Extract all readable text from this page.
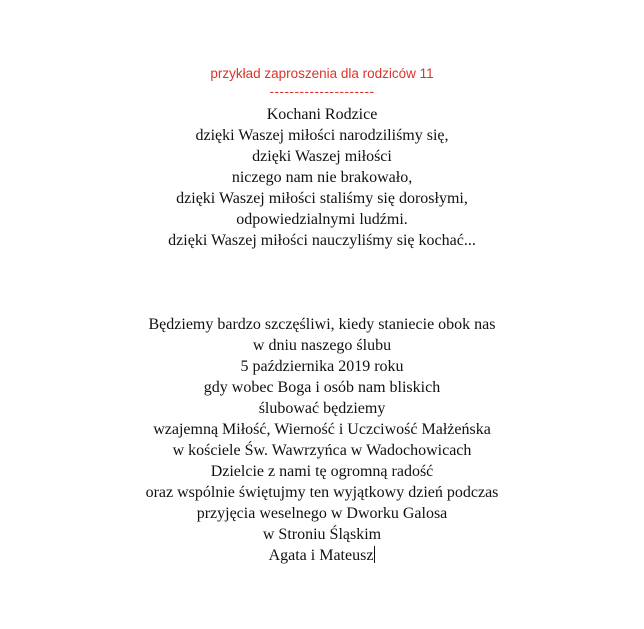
przykład zaproszenia dla rodziców 11
---------------------
Kochani Rodzice
dzięki Waszej miłości narodziliśmy się,
dzięki Waszej miłości
niczego nam nie brakowało,
dzięki Waszej miłości staliśmy się dorosłymi,
odpowiedzialnymi ludźmi.
dzięki Waszej miłości nauczyliśmy się kochać...
Będziemy bardzo szczęśliwi, kiedy staniecie obok nas
w dniu naszego ślubu
5 października 2019 roku
gdy wobec Boga i osób nam bliskich
ślubować będziemy
wzajemną Miłość, Wierność i Uczciwość Małżeńska
w kościele Św. Wawrzyńca w Wadochowicach
Dzielcie z nami tę ogromną radość
oraz wspólnie świętujmy ten wyjątkowy dzień podczas
przyjęcia weselnego w Dworku Galosa
w Stroniu Śląskim
Agata i Mateusz
